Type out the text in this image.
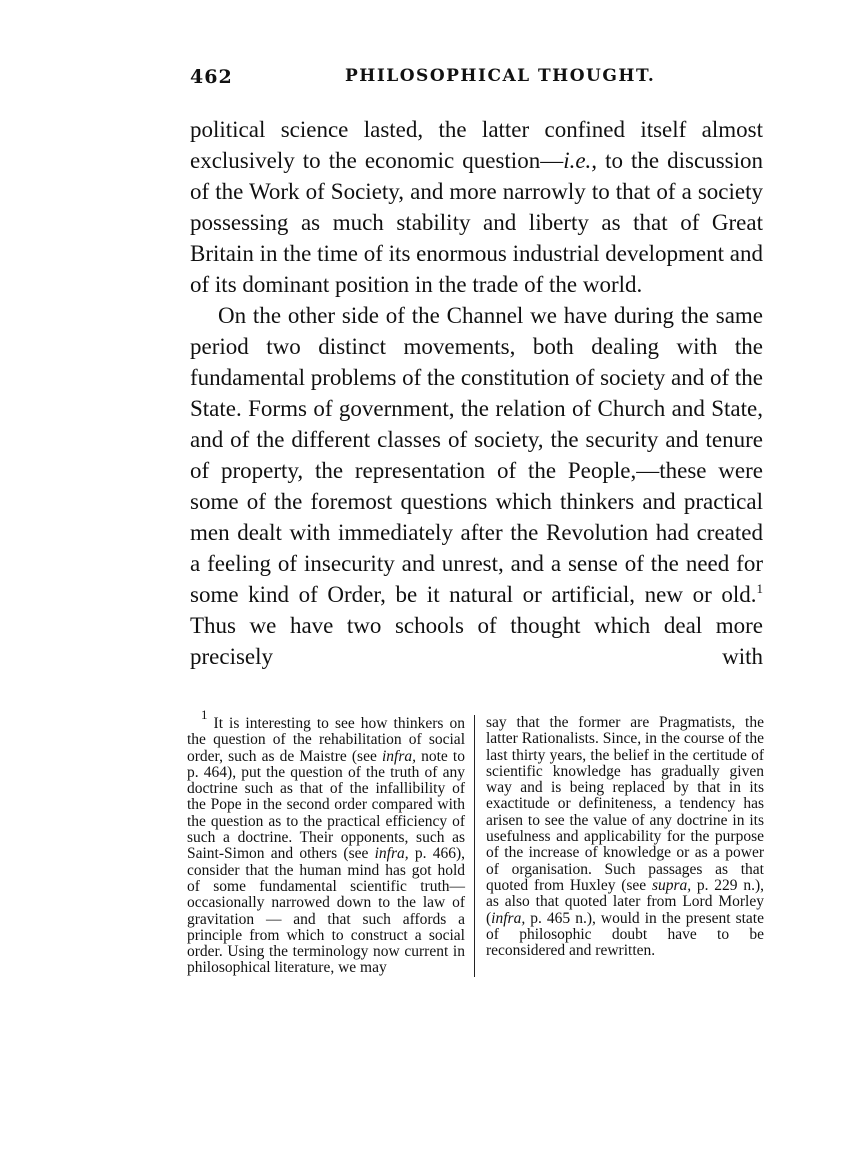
462	PHILOSOPHICAL THOUGHT.

political science lasted, the latter confined itself almost exclusively to the economic question—i.e., to the discussion of the Work of Society, and more narrowly to that of a society possessing as much stability and liberty as that of Great Britain in the time of its enormous industrial development and of its dominant position in the trade of the world.

On the other side of the Channel we have during the same period two distinct movements, both dealing with the fundamental problems of the constitution of society and of the State. Forms of government, the relation of Church and State, and of the different classes of society, the security and tenure of property, the representation of the People,—these were some of the foremost questions which thinkers and practical men dealt with immediately after the Revolution had created a feeling of insecurity and unrest, and a sense of the need for some kind of Order, be it natural or artificial, new or old.$^1$ Thus we have two schools of thought which deal more precisely with

$^1$ It is interesting to see how thinkers on the question of the rehabilitation of social order, such as de Maistre (see infra, note to p. 464), put the question of the truth of any doctrine such as that of the infallibility of the Pope in the second order compared with the question as to the practical efficiency of such a doctrine. Their opponents, such as Saint-Simon and others (see infra, p. 466), consider that the human mind has got hold of some fundamental scientific truth—occasionally narrowed down to the law of gravitation — and that such affords a principle from which to construct a social order. Using the terminology now current in philosophical literature, we may

say that the former are Pragmatists, the latter Rationalists. Since, in the course of the last thirty years, the belief in the certitude of scientific knowledge has gradually given way and is being replaced by that in its exactitude or definiteness, a tendency has arisen to see the value of any doctrine in its usefulness and applicability for the purpose of the increase of knowledge or as a power of organisation. Such passages as that quoted from Huxley (see supra, p. 229 n.), as also that quoted later from Lord Morley (infra, p. 465 n.), would in the present state of philosophic doubt have to be reconsidered and rewritten.
